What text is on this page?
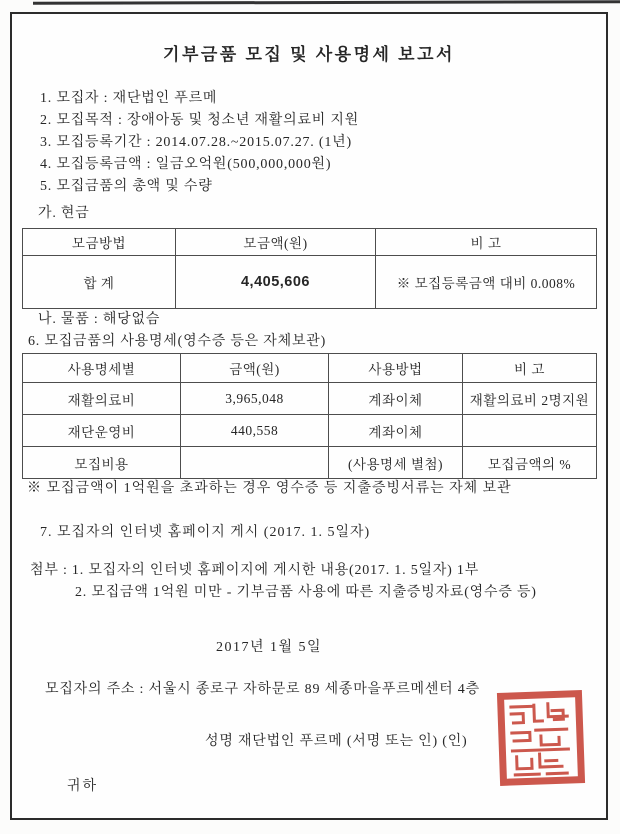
기부금품 모집 및 사용명세 보고서
1. 모집자 : 재단법인 푸르메
2. 모집목적 : 장애아동 및 청소년 재활의료비 지원
3. 모집등록기간 : 2014.07.28.~2015.07.27. (1년)
4. 모집등록금액 : 일금오억원(500,000,000원)
5. 모집금품의 총액 및 수량
가. 현금
모금방법	모금액(원)	비 고
합 계	4,405,606	※ 모집등록금액 대비 0.008%
나. 물품 : 해당없슴
6. 모집금품의 사용명세(영수증 등은 자체보관)
사용명세별	금액(원)	사용방법	비 고
재활의료비	3,965,048	계좌이체	재활의료비 2명지원
재단운영비	440,558	계좌이체	
모집비용		(사용명세 별첨)	모집금액의 %
※ 모집금액이 1억원을 초과하는 경우 영수증 등 지출증빙서류는 자체 보관
7. 모집자의 인터넷 홈페이지 게시 (2017. 1. 5일자)
첨부 : 1. 모집자의 인터넷 홈페이지에 게시한 내용(2017. 1. 5일자) 1부
2. 모집금액 1억원 미만 - 기부금품 사용에 따른 지출증빙자료(영수증 등)
2017년 1월 5일
모집자의 주소 : 서울시 종로구 자하문로 89 세종마을푸르메센터 4층
성명 재단법인 푸르메 (서명 또는 인) (인)
귀하
